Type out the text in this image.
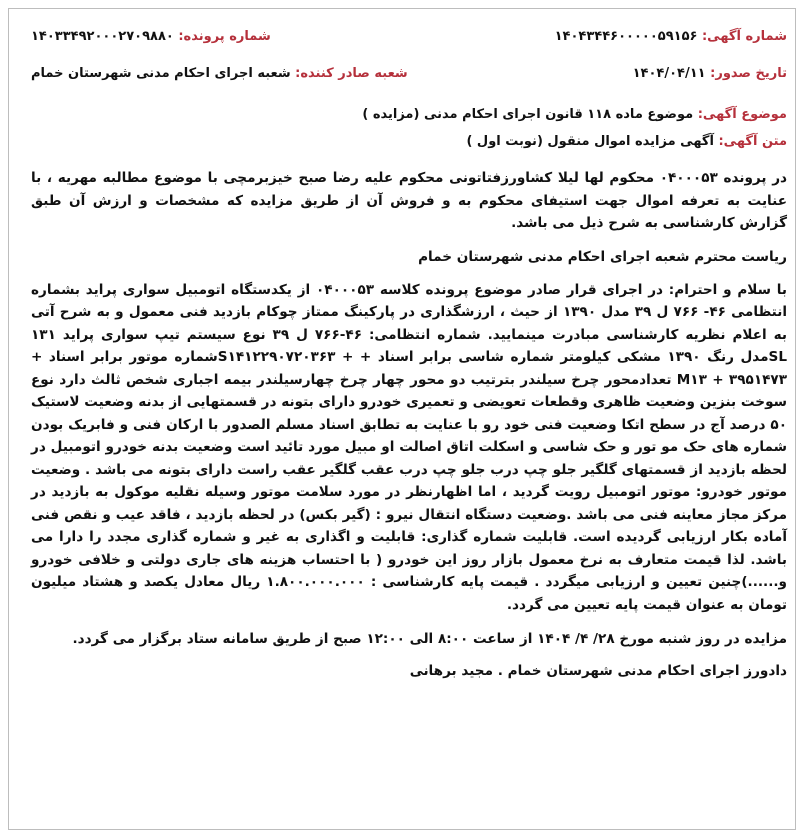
شماره آگهی: ۱۴۰۴۳۴۴۶۰۰۰۰۰۵۹۱۵۶
شماره پرونده: ۱۴۰۳۳۴۹۲۰۰۰۲۷۰۹۸۸۰
تاریخ صدور: ۱۴۰۴/۰۴/۱۱
شعبه صادر کننده: شعبه اجرای احکام مدنی شهرستان خمام
موضوع آگهی: موضوع ماده ۱۱۸ قانون اجرای احکام مدنی (مزایده )
متن آگهی: آگهی مزایده اموال منقول (نوبت اول )

در پرونده ۰۴۰۰۰۵۳ محکوم لها لیلا کشاورزفتاتونی محکوم علیه رضا صبح خیزبرمچی با موضوع مطالبه مهریه ، با عنایت به تعرفه اموال جهت استیفای محکوم به و فروش آن از طریق مزایده که مشخصات و ارزش آن طبق گزارش کارشناسی به شرح ذیل می باشد.

ریاست محترم شعبه اجرای احکام مدنی شهرستان خمام

با سلام و احترام: در اجرای قرار صادر موضوع پرونده کلاسه ۰۴۰۰۰۵۳ از یکدستگاه اتومبیل سواری پراید بشماره انتظامی ۴۶- ۷۶۶ ل ۳۹ مدل ۱۳۹۰ از حیث ، ارزشگذاری در پارکینگ ممتاز چوکام بازدید فنی معمول و به شرح آتی به اعلام نظریه کارشناسی مبادرت مینمایید. شماره انتظامی: ۴۶-۷۶۶ ل ۳۹ نوع سیستم تیپ سواری پراید ۱۳۱ SLمدل رنگ ۱۳۹۰ مشکی کیلومتر شماره شاسی برابر اسناد + + S۱۴۱۲۲۹۰۷۲۰۳۶۳شماره موتور برابر اسناد + ۳۹۵۱۴۷۳ + M۱۳ تعدادمحور چرخ سیلندر بترتیب دو محور چهار چرخ چهارسیلندر بیمه اجباری شخص ثالث دارد نوع سوخت بنزین وضعیت ظاهری وقطعات تعویضی و تعمیری خودرو دارای بتونه در قسمتهایی از بدنه وضعیت لاستیک ۵۰ درصد آج در سطح اتکا وضعیت فنی خود رو با عنایت به تطابق اسناد مسلم الصدور با ارکان فنی و فابریک بودن شماره های حک مو تور و حک شاسی و اسکلت اتاق اصالت او مبیل مورد تائید است وضعیت بدنه خودرو اتومبیل در لحظه بازدید از قسمتهای گلگیر جلو چپ درب جلو چپ درب عقب گلگیر عقب راست دارای بتونه می باشد . وضعیت موتور خودرو: موتور اتومبیل رویت گردید ، اما اظهارنظر در مورد سلامت موتور وسیله نقلیه موکول به بازدید در مرکز مجاز معاینه فنی می باشد .وضعیت دستگاه انتقال نیرو : (گیر بکس) در لحظه بازدید ، فاقد عیب و نقص فنی آماده بکار ارزیابی گردیده است. قابلیت شماره گذاری: قابلیت و اگذاری به غیر و شماره گذاری مجدد را دارا می باشد. لذا قیمت متعارف به نرخ معمول بازار روز این خودرو ( با احتساب هزینه های جاری دولتی و خلافی خودرو و......)چنین تعیین و ارزیابی میگردد . قیمت پایه کارشناسی : ۱.۸۰۰.۰۰۰.۰۰۰ ریال معادل یکصد و هشتاد میلیون تومان به عنوان قیمت پایه تعیین می گردد.

مزایده در روز شنبه مورخ ۲۸/ ۴/ ۱۴۰۴ از ساعت ۸:۰۰ الی ۱۲:۰۰ صبح از طریق سامانه ستاد برگزار می گردد.

دادورز اجرای احکام مدنی شهرستان خمام . مجید برهانی
